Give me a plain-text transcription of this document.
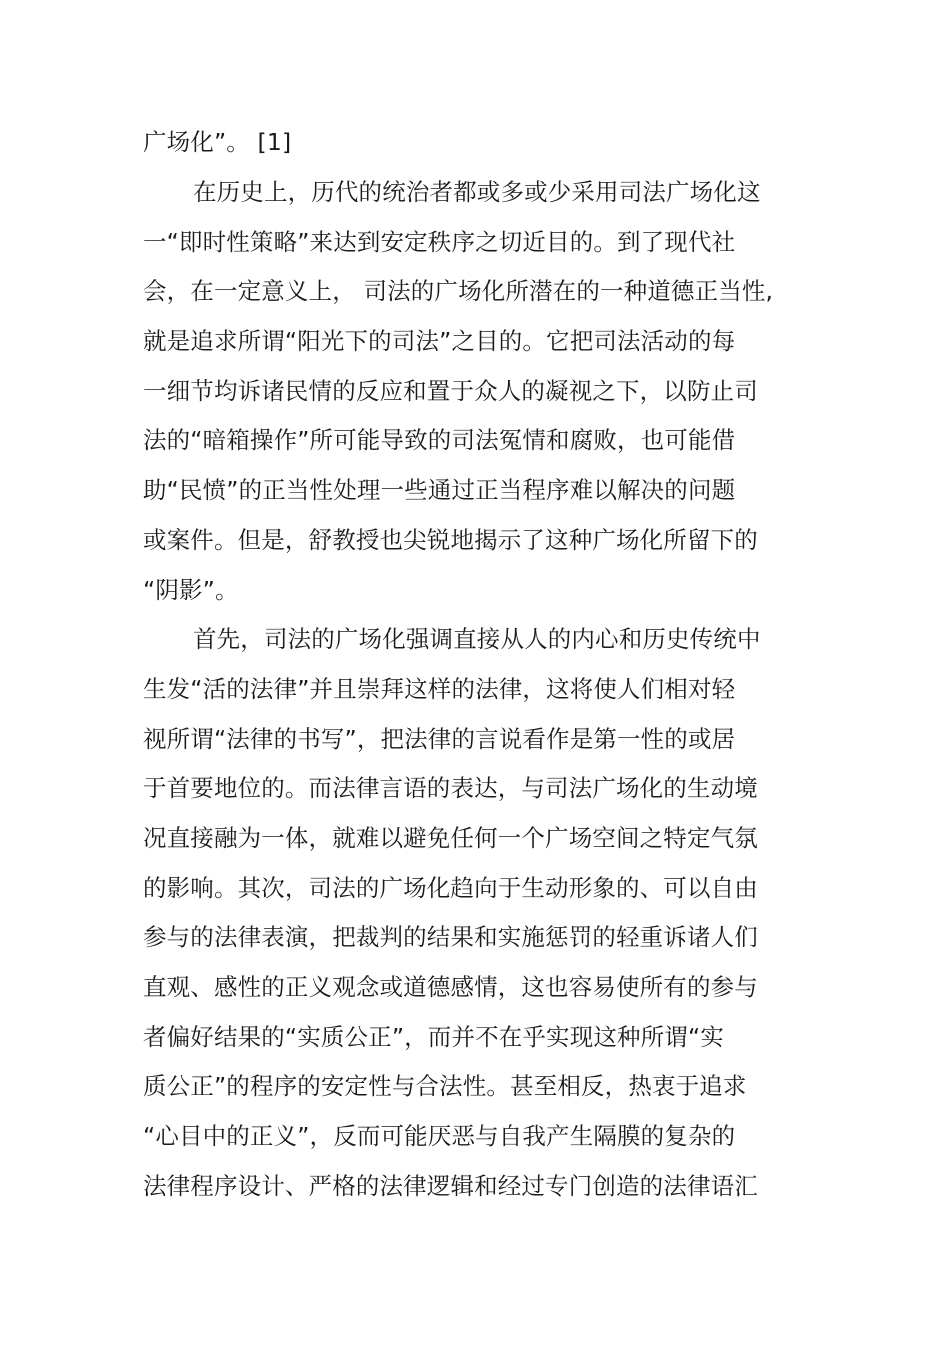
广场化”。 [1]
在历史上，历代的统治者都或多或少采用司法广场化这
一“即时性策略”来达到安定秩序之切近目的。到了现代社
会，在一定意义上， 司法的广场化所潜在的一种道德正当性,
就是追求所谓“阳光下的司法”之目的。它把司法活动的每
一细节均诉诸民情的反应和置于众人的凝视之下，以防止司
法的“暗箱操作”所可能导致的司法冤情和腐败，也可能借
助“民愤”的正当性处理一些通过正当程序难以解决的问题
或案件。但是，舒教授也尖锐地揭示了这种广场化所留下的
“阴影”。
首先，司法的广场化强调直接从人的内心和历史传统中
生发“活的法律”并且崇拜这样的法律，这将使人们相对轻
视所谓“法律的书写”，把法律的言说看作是第一性的或居
于首要地位的。而法律言语的表达，与司法广场化的生动境
况直接融为一体，就难以避免任何一个广场空间之特定气氛
的影响。其次，司法的广场化趋向于生动形象的、可以自由
参与的法律表演，把裁判的结果和实施惩罚的轻重诉诸人们
直观、感性的正义观念或道德感情，这也容易使所有的参与
者偏好结果的“实质公正”，而并不在乎实现这种所谓“实
质公正”的程序的安定性与合法性。甚至相反，热衷于追求
“心目中的正义”，反而可能厌恶与自我产生隔膜的复杂的
法律程序设计、严格的法律逻辑和经过专门创造的法律语汇
